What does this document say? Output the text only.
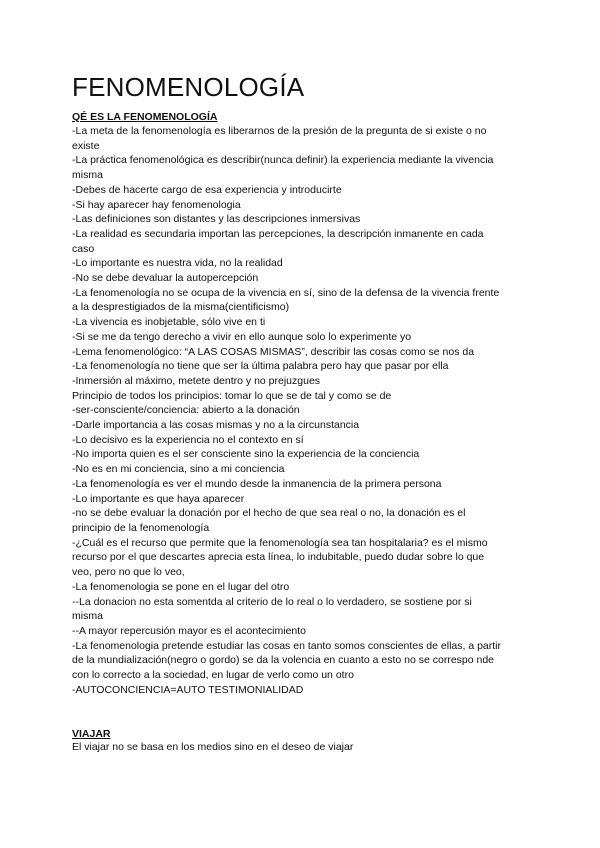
FENOMENOLOGÍA
QÉ ES LA FENOMENOLOGÍA
-La meta de la fenomenología es liberarnos de la presión de la pregunta de si existe o no
existe
-La práctica fenomenológica es describir(nunca definir) la experiencia mediante la vivencia
misma
-Debes de hacerte cargo de esa experiencia y introducirte
-Si hay aparecer hay fenomenologia
-Las definiciones son distantes y las descripciones inmersivas
-La realidad es secundaria importan las percepciones, la descripción inmanente en cada
caso
-Lo importante es nuestra vida, no la realidad
-No se debe devaluar la autopercepción
-La fenomenología no se ocupa de la vivencia en sí, sino de la defensa de la vivencia frente
a la desprestigiados de la misma(cientificismo)
-La vivencia es inobjetable, sólo vive en ti
-Si se me da tengo derecho a vivir en ello aunque solo lo experimente yo
-Lema fenomenológico: “A LAS COSAS MISMAS”, describir las cosas como se nos da
-La fenomenología no tiene que ser la última palabra pero hay que pasar por ella
-Inmersión al máximo, metete dentro y no prejuzgues
Principio de todos los principios: tomar lo que se de tal y como se de
-ser-consciente/conciencia: abierto a la donación
-Darle importancia a las cosas mismas y no a la circunstancia
-Lo decisivo es la experiencia no el contexto en sí
-No importa quien es el ser consciente sino la experiencia de la conciencia
-No es en mi conciencia, sino a mi conciencia
-La fenomenología es ver el mundo desde la inmanencia de la primera persona
-Lo importante es que haya aparecer
-no se debe evaluar la donación por el hecho de que sea real o no, la donación es el
principio de la fenomenología
-¿Cuál es el recurso que permite que la fenomenología sea tan hospitalaria? es el mismo
recurso por el que descartes aprecia esta línea, lo indubitable, puedo dudar sobre lo que
veo, pero no que lo veo,
-La fenomenologia se pone en el lugar del otro
--La donacion no esta somentda al criterio de lo real o lo verdadero, se sostiene por si
misma
--A mayor repercusión mayor es el acontecimiento
-La fenomenologia pretende estudiar las cosas en tanto somos conscientes de ellas, a partir
de la mundialización(negro o gordo) se da la volencia en cuanto a esto no se correspo nde
con lo correcto a la sociedad, en lugar de verlo como un otro
-AUTOCONCIENCIA=AUTO TESTIMONIALIDAD
VIAJAR
El viajar no se basa en los medios sino en el deseo de viajar
